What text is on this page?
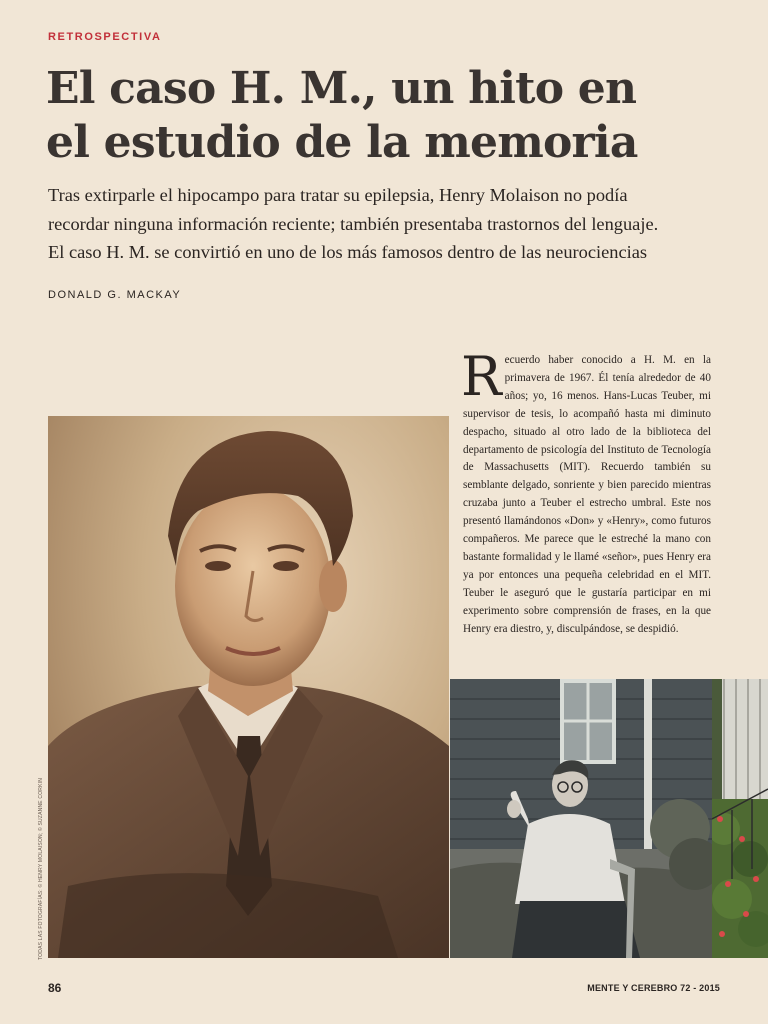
RETROSPECTIVA
El caso H. M., un hito en
el estudio de la memoria
Tras extirparle el hipocampo para tratar su epilepsia, Henry Molaison no podía
recordar ninguna información reciente; también presentaba trastornos del lenguaje.
El caso H. M. se convirtió en uno de los más famosos dentro de las neurociencias
DONALD G. MACKAY
Recuerdo haber conocido a H. M. en la primavera de 1967. Él tenía alrededor de 40 años; yo, 16 menos. Hans-Lucas Teuber, mi supervisor de tesis, lo acompañó hasta mi diminuto despacho, situado al otro lado de la biblioteca del departamento de psicología del Instituto de Tecnología de Massachusetts (MIT). Recuerdo también su semblante delgado, sonriente y bien parecido mientras cruzaba junto a Teuber el estrecho umbral. Este nos presentó llamándonos «Don» y «Henry», como futuros compañeros. Me parece que le estreché la mano con bastante formalidad y le llamé «señor», pues Henry era ya por entonces una pequeña celebridad en el MIT. Teuber le aseguró que le gustaría participar en mi experimento sobre comprensión de frases, en la que Henry era diestro, y, disculpándose, se despidió.
TODAS LAS FOTOGRAFÍAS: © HENRY MOLAISON; © SUZANNE CORKIN
86	MENTE Y CEREBRO 72 - 2015
